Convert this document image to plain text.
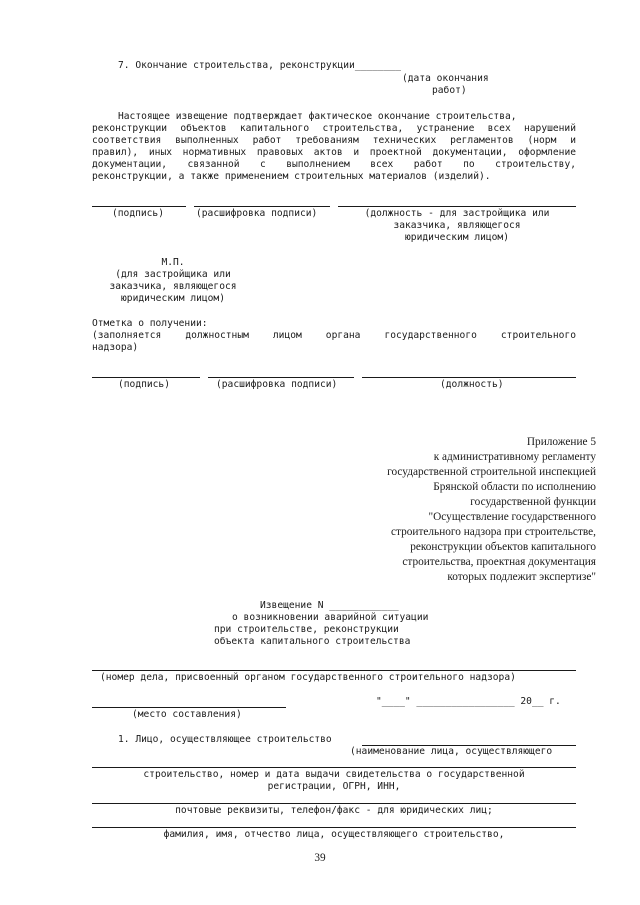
7. Окончание строительства, реконструкции________
(дата окончания
работ)
Настоящее извещение подтверждает фактическое окончание строительства,
реконструкции объектов капитального строительства, устранение всех нарушений
соответствия выполненных работ требованиям технических регламентов (норм и
правил), иных нормативных правовых актов и проектной документации, оформление
документации, связанной с выполнением всех работ по строительству,
реконструкции, а также применением строительных материалов (изделий).
(подпись)	(расшифровка подписи)	(должность - для застройщика или
заказчика, являющегося
юридическим лицом)
М.П.
(для застройщика или
заказчика, являющегося
юридическим лицом)
Отметка о получении:
(заполняется должностным лицом органа государственного строительного
надзора)
(подпись)	(расшифровка подписи)	(должность)
Приложение 5
к административному регламенту
государственной строительной инспекцией
Брянской области по исполнению
государственной функции
"Осуществление государственного
строительного надзора при строительстве,
реконструкции объектов капитального
строительства, проектная документация
которых подлежит экспертизе"
Извещение N ____________
о возникновении аварийной ситуации
при строительстве, реконструкции
объекта капитального строительства
(номер дела, присвоенный органом государственного строительного надзора)
"____" _________________ 20__ г.
(место составления)
1. Лицо, осуществляющее строительство
(наименование лица, осуществляющего
строительство, номер и дата выдачи свидетельства о государственной
регистрации, ОГРН, ИНН,
почтовые реквизиты, телефон/факс - для юридических лиц;
фамилия, имя, отчество лица, осуществляющего строительство,
39
